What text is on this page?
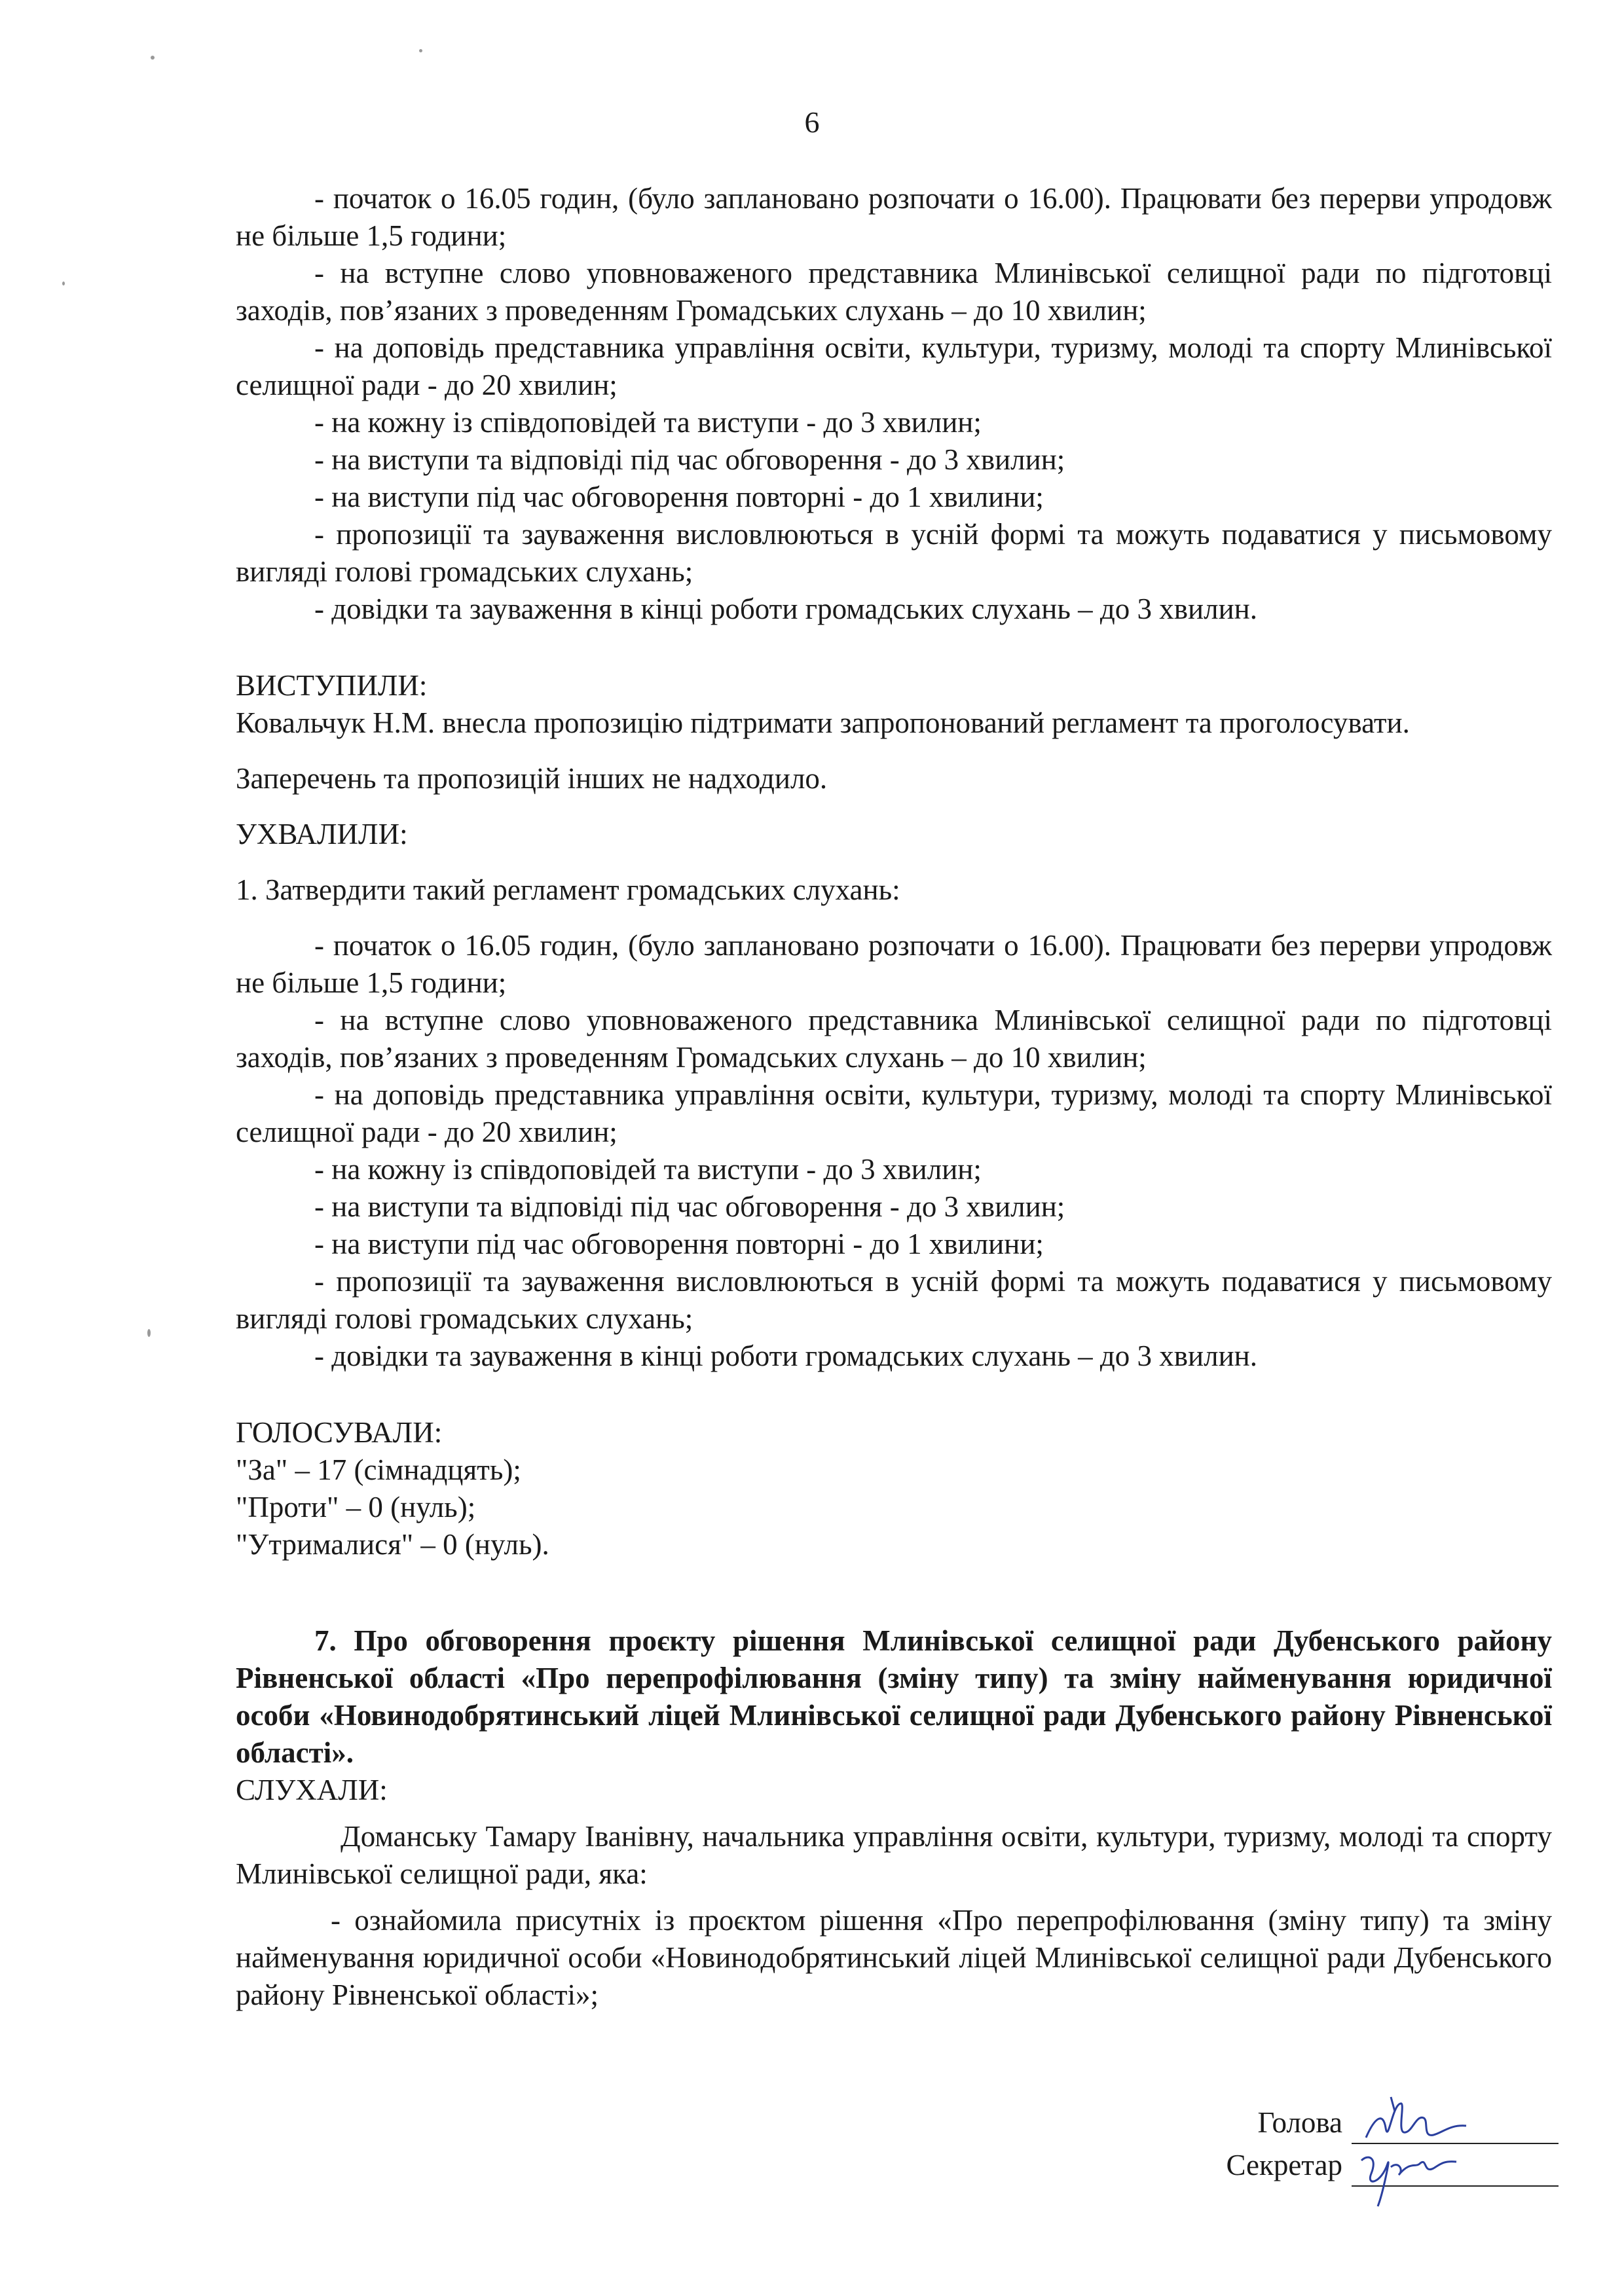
6

- початок о 16.05 годин, (було заплановано розпочати о 16.00). Працювати без перерви упродовж не більше 1,5 години;

- на вступне слово уповноваженого представника Млинівської селищної ради по підготовці заходів, пов’язаних з проведенням Громадських слухань – до 10 хвилин;

- на доповідь представника управління освіти, культури, туризму, молоді та спорту Млинівської селищної ради - до 20 хвилин;

- на кожну із співдоповідей та виступи - до 3 хвилин;

- на виступи та відповіді під час обговорення - до 3 хвилин;

- на виступи під час обговорення повторні - до 1 хвилини;

- пропозиції та зауваження висловлюються в усній формі та можуть подаватися у письмовому вигляді голові громадських слухань;

- довідки та зауваження в кінці роботи громадських слухань – до 3 хвилин.

ВИСТУПИЛИ:

Ковальчук Н.М. внесла пропозицію підтримати запропонований регламент та проголосувати.

Заперечень та пропозицій інших не надходило.

УХВАЛИЛИ:

1. Затвердити такий регламент громадських слухань:

- початок о 16.05 годин, (було заплановано розпочати о 16.00). Працювати без перерви упродовж не більше 1,5 години;

- на вступне слово уповноваженого представника Млинівської селищної ради по підготовці заходів, пов’язаних з проведенням Громадських слухань – до 10 хвилин;

- на доповідь представника управління освіти, культури, туризму, молоді та спорту Млинівської селищної ради - до 20 хвилин;

- на кожну із співдоповідей та виступи - до 3 хвилин;

- на виступи та відповіді під час обговорення - до 3 хвилин;

- на виступи під час обговорення повторні - до 1 хвилини;

- пропозиції та зауваження висловлюються в усній формі та можуть подаватися у письмовому вигляді голові громадських слухань;

- довідки та зауваження в кінці роботи громадських слухань – до 3 хвилин.

ГОЛОСУВАЛИ:

"За" – 17 (сімнадцять);

"Проти" – 0 (нуль);

"Утрималися" – 0 (нуль).

7. Про обговорення проєкту рішення Млинівської селищної ради Дубенського району Рівненської області «Про перепрофілювання (зміну типу) та зміну найменування юридичної особи «Новинодобрятинський ліцей Млинівської селищної ради Дубенського району Рівненської області».

СЛУХАЛИ:

Доманську Тамару Іванівну, начальника управління освіти, культури, туризму, молоді та спорту Млинівської селищної ради, яка:

- ознайомила присутніх із проєктом рішення «Про перепрофілювання (зміну типу) та зміну найменування юридичної особи «Новинодобрятинський ліцей Млинівської селищної ради Дубенського району Рівненської області»;

Голова
Секретар
